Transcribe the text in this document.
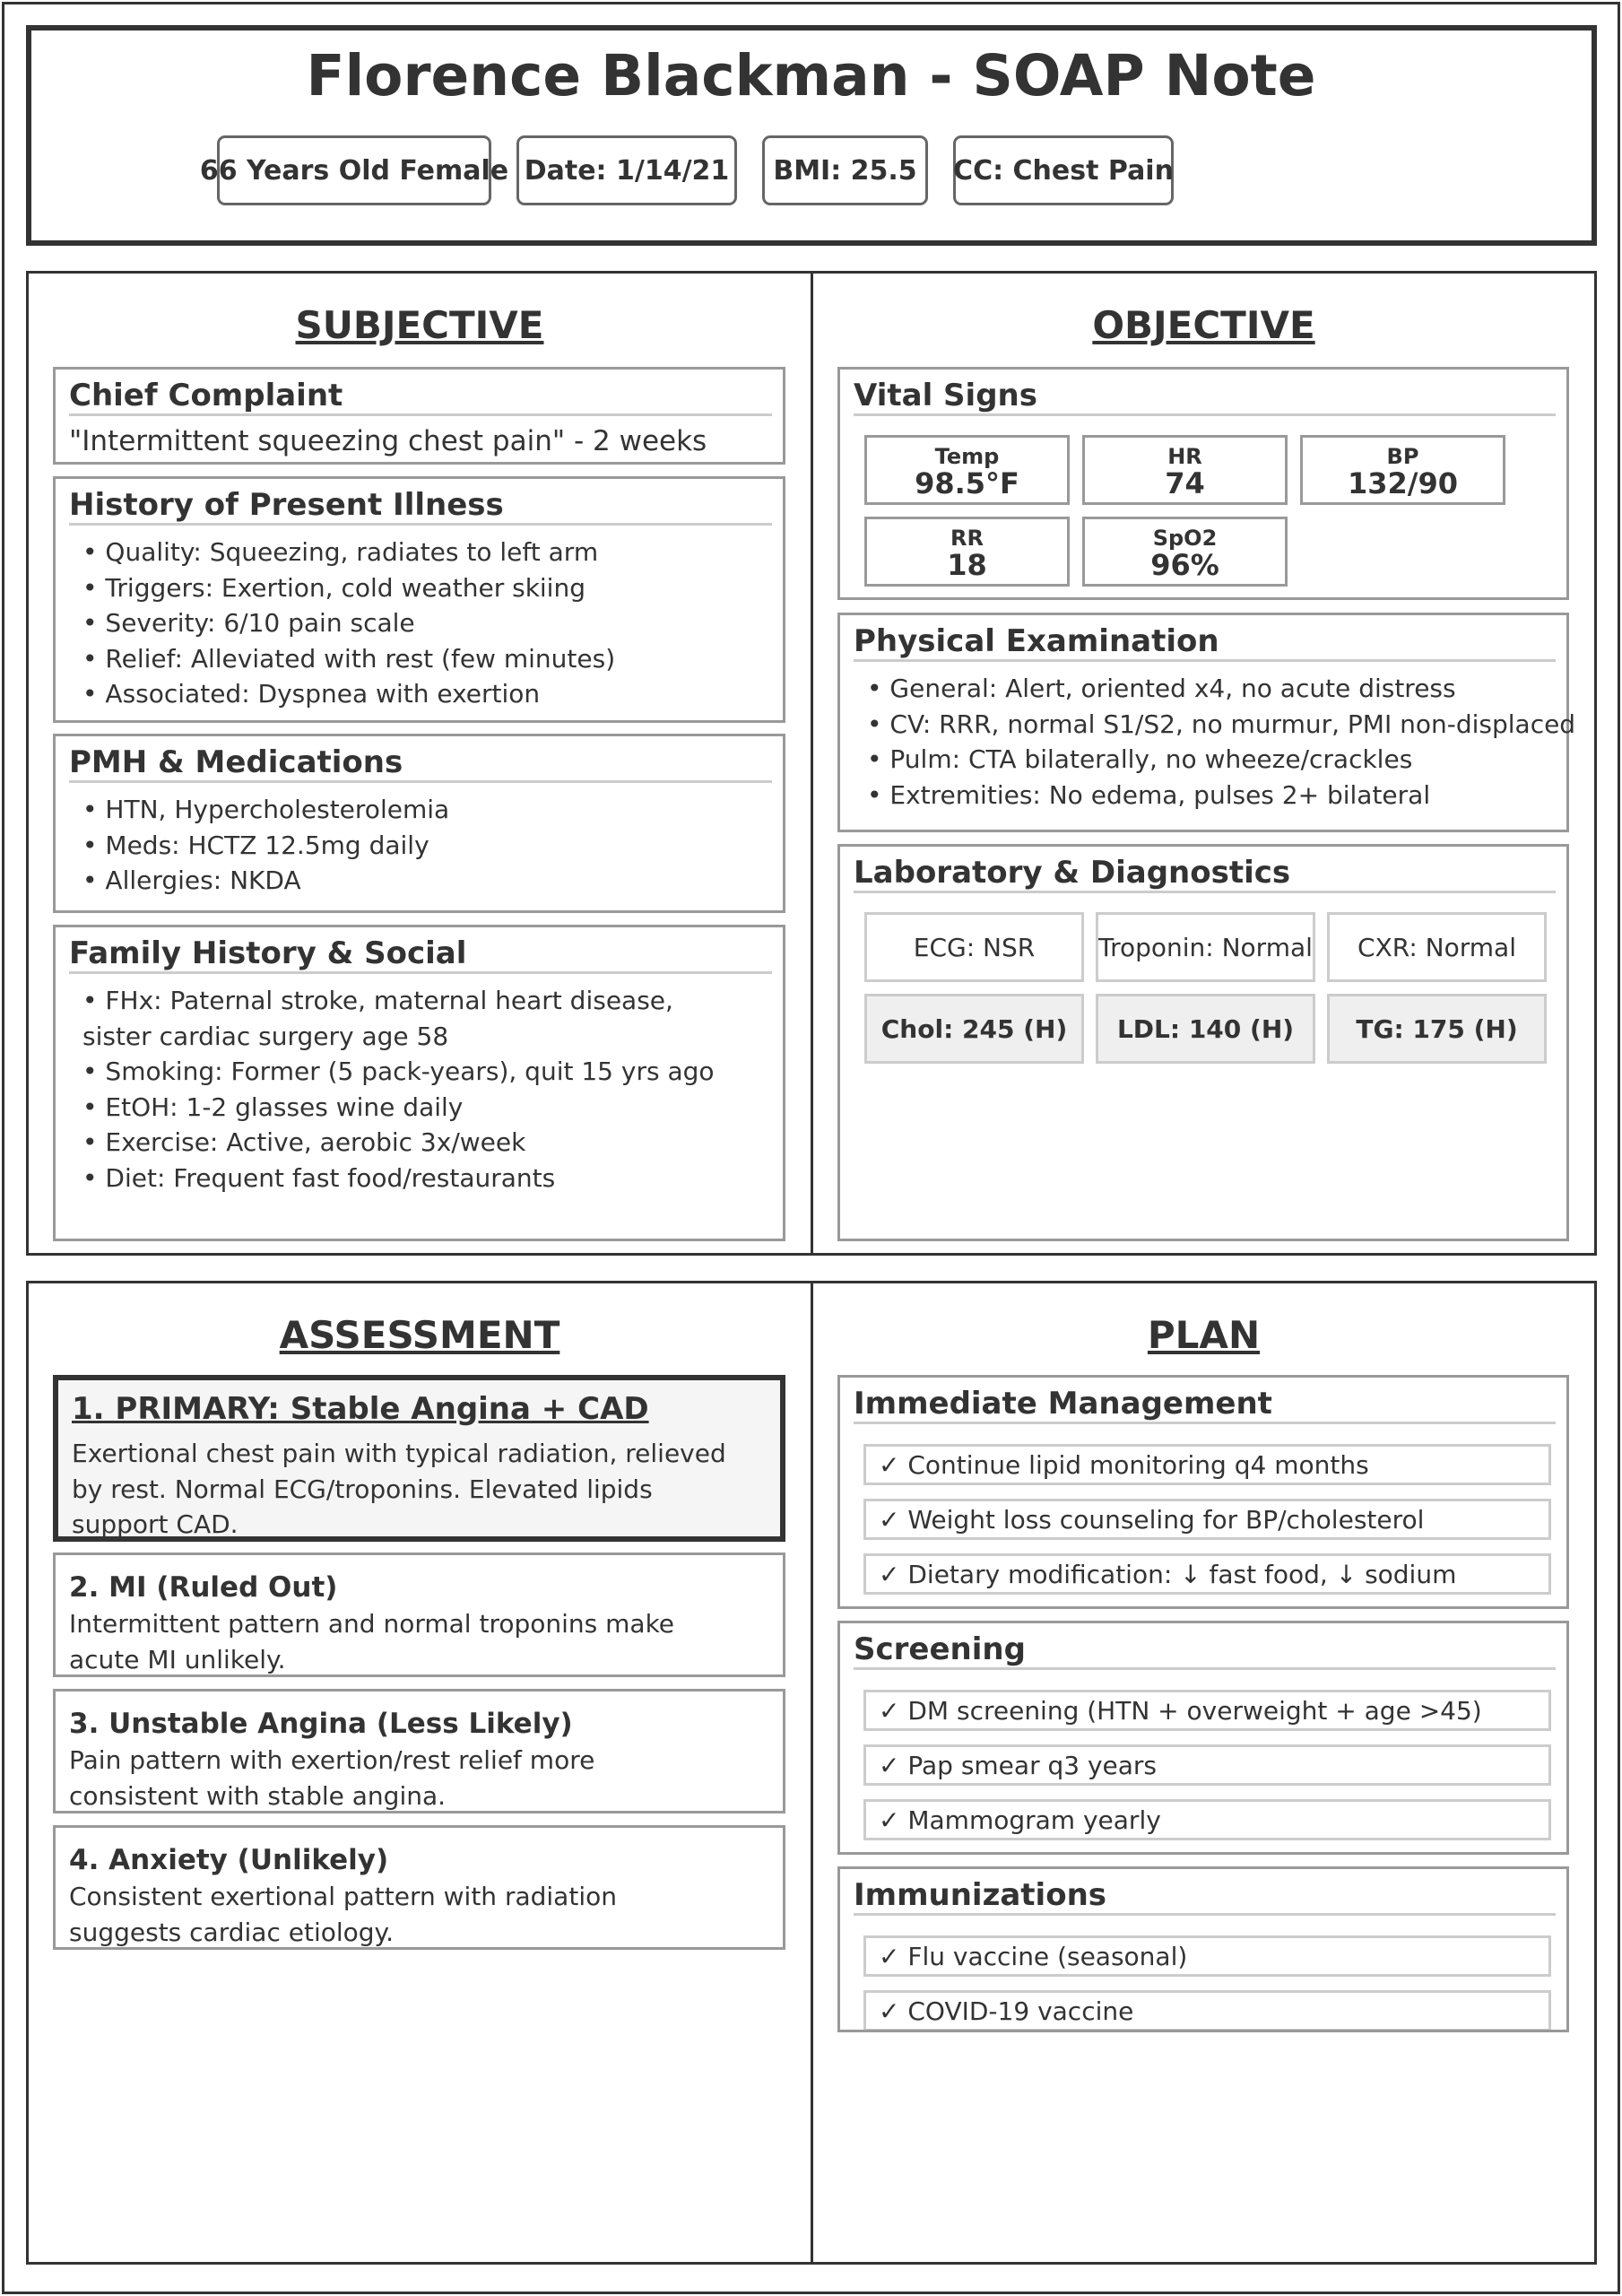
Florence Blackman - SOAP Note
66 Years Old Female Date: 1/14/21	BMI: 25.5	CC: Chest Pain
SUBJECTIVE
Chief Complaint
"Intermittent squeezing chest pain" - 2 weeks
History of Present Illness
• Quality: Squeezing, radiates to left arm
• Triggers: Exertion, cold weather skiing
• Severity: 6/10 pain scale
• Relief: Alleviated with rest (few minutes)
• Associated: Dyspnea with exertion
PMH & Medications
• HTN, Hypercholesterolemia
• Meds: HCTZ 12.5mg daily
• Allergies: NKDA
Family History & Social
• FHx: Paternal stroke, maternal heart disease,
sister cardiac surgery age 58
• Smoking: Former (5 pack-years), quit 15 yrs ago
• EtOH: 1-2 glasses wine daily
• Exercise: Active, aerobic 3x/week
• Diet: Frequent fast food/restaurants
OBJECTIVE
Vital Signs
Temp
98.5°F
HR
74
BP
132/90
RR
18
SpO2
96%
Physical Examination
• General: Alert, oriented x4, no acute distress
• CV: RRR, normal S1/S2, no murmur, PMI non-displaced
• Pulm: CTA bilaterally, no wheeze/crackles
• Extremities: No edema, pulses 2+ bilateral
Laboratory & Diagnostics
ECG: NSR	Troponin: Normal	CXR: Normal
Chol: 245 (H)	LDL: 140 (H)	TG: 175 (H)
ASSESSMENT
1. PRIMARY: Stable Angina + CAD
Exertional chest pain with typical radiation, relieved
by rest. Normal ECG/troponins. Elevated lipids
support CAD.
2. MI (Ruled Out)
Intermittent pattern and normal troponins make
acute MI unlikely.
3. Unstable Angina (Less Likely)
Pain pattern with exertion/rest relief more
consistent with stable angina.
4. Anxiety (Unlikely)
Consistent exertional pattern with radiation
suggests cardiac etiology.
PLAN
Immediate Management
✓ Continue lipid monitoring q4 months
✓ Weight loss counseling for BP/cholesterol
✓ Dietary modification: ↓ fast food, ↓ sodium
Screening
✓ DM screening (HTN + overweight + age >45)
✓ Pap smear q3 years
✓ Mammogram yearly
Immunizations
✓ Flu vaccine (seasonal)
✓ COVID-19 vaccine
